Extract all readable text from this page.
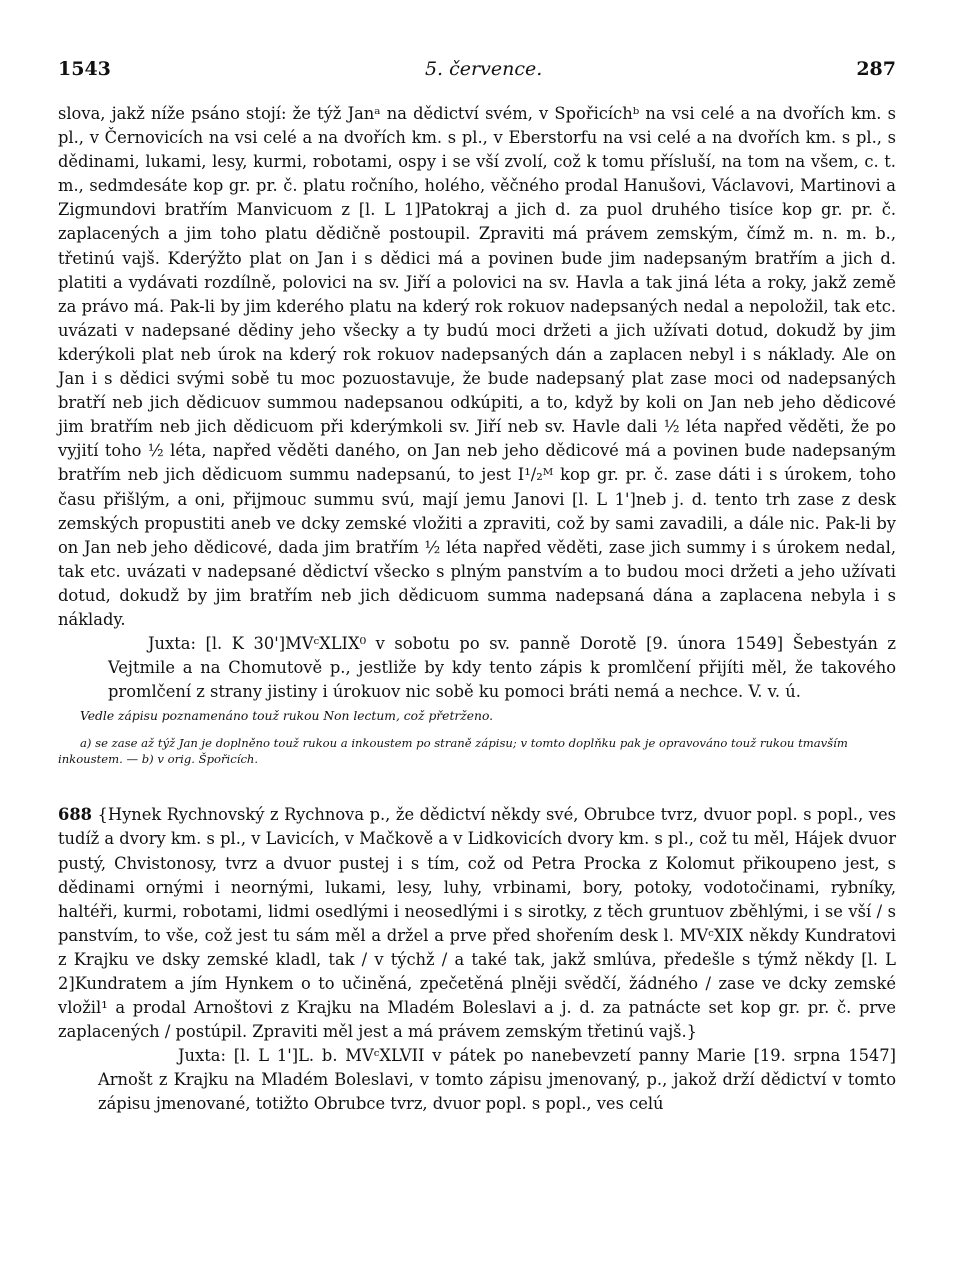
1543	5. července.	287

slova, jakž níže psáno stojí: že týž Janᵃ na dědictví svém, v Spořicíchᵇ na vsi celé a na dvořích km. s pl., v Černovicích na vsi celé a na dvořích km. s pl., v Eberstorfu na vsi celé a na dvořích km. s pl., s dědinami, lukami, lesy, kurmi, robotami, ospy i se vší zvolí, což k tomu příslušı́, na tom na všem, c. t. m., sedmdesáte kop gr. pr. č. platu ročního, holého, věčného prodal Hanušovi, Václavovi, Martinovi a Zigmundovi bratřím Manvicuom z [l. L 1]Patokraj a jich d. za puol druhého tisíce kop gr. pr. č. zaplacených a jim toho platu dědičně postoupil. Zpraviti má právem zemským, čímž m. n. m. b., třetinú vajš. Kderýžto plat on Jan i s dědici má a povinen bude jim nadepsaným bratřím a jich d. platiti a vydávati rozdílně, polovici na sv. Jiří a polovici na sv. Havla a tak jiná léta a roky, jakž země za právo má. Pak-li by jim kderého platu na kderý rok rokuov nadepsaných nedal a nepoložil, tak etc. uvázati v nadepsané dědiny jeho všecky a ty budú moci držeti a jich užívati dotud, dokudž by jim kderýkoli plat neb úrok na kderý rok rokuov nadepsaných dán a zaplacen nebyl i s náklady. Ale on Jan i s dědici svými sobě tu moc pozuostavuje, že bude nadepsaný plat zase moci od nadepsaných bratří neb jich dědicuov summou nadepsanou odkúpiti, a to, když by koli on Jan neb jeho dědicové jim bratřím neb jich dědicuom při kderýmkoli sv. Jiří neb sv. Havle dali ½ léta napřed věděti, že po vyjití toho ½ léta, napřed věděti daného, on Jan neb jeho dědicové má a povinen bude nadepsaným bratřím neb jich dědicuom summu nadepsanú, to jest I¹/₂ᴹ kop gr. pr. č. zase dáti i s úrokem, toho času přišlým, a oni, přijmouc summu svú, mají jemu Janovi [l. L 1']neb j. d. tento trh zase z desk zemských propustiti aneb ve dcky zemské vložiti a zpraviti, což by sami zavadili, a dále nic. Pak-li by on Jan neb jeho dědicové, dada jim bratřím ½ léta napřed věděti, zase jich summy i s úrokem nedal, tak etc. uvázati v nadepsané dědictví všecko s plným panstvím a to budou moci držeti a jeho užívati dotud, dokudž by jim bratřím neb jich dědicuom summa nadepsaná dána a zaplacena nebyla i s náklady.

Juxta: [l. K 30']MVᶜXLIX⁰ v sobotu po sv. panně Dorotě [9. února 1549] Šebestyán z Vejtmile a na Chomutově p., jestliže by kdy tento zápis k promlčení přijíti měl, že takového promlčení z strany jistiny i úrokuov nic sobě ku pomoci bráti nemá a nechce. V. v. ú.

Vedle zápisu poznamenáno touž rukou Non lectum, což přetrženo.

a) se zase až týž Jan je doplněno touž rukou a inkoustem po straně zápisu; v tomto doplňku pak je opravováno touž rukou tmavším inkoustem. — b) v orig. Špořicích.

688 {Hynek Rychnovský z Rychnova p., že dědictví někdy své, Obrubce tvrz, dvuor popl. s popl., ves tudíž a dvory km. s pl., v Lavicích, v Mačkově a v Lidkovicích dvory km. s pl., což tu měl, Hájek dvuor pustý, Chvistonosy, tvrz a dvuor pustej i s tím, což od Petra Procka z Kolomut přikoupeno jest, s dědinami ornými i neornými, lukami, lesy, luhy, vrbinami, bory, potoky, vodotočinami, rybníky, haltéři, kurmi, robotami, lidmi osedlými i neosedlými i s sirotky, z těch gruntuov zběhlými, i se vší / s panstvím, to vše, což jest tu sám měl a držel a prve před shořením desk l. MVᶜXIX někdy Kundratovi z Krajku ve dsky zemské kladl, tak / v týchž / a také tak, jakž smlúva, předešle s týmž někdy [l. L 2]Kundratem a jím Hynkem o to učiněná, zpečetěná plněji svědčí, žádného / zase ve dcky zemské vložil¹ a prodal Arnoštovi z Krajku na Mladém Boleslavi a j. d. za patnácte set kop gr. pr. č. prve zaplacených / postúpil. Zpraviti měl jest a má právem zemským třetinú vajš.}

Juxta: [l. L 1']L. b. MVᶜXLVII v pátek po nanebevzetí panny Marie [19. srpna 1547] Arnošt z Krajku na Mladém Boleslavi, v tomto zápisu jmenovaný, p., jakož drží dědictví v tomto zápisu jmenované, totižto Obrubce tvrz, dvuor popl. s popl., ves celú
